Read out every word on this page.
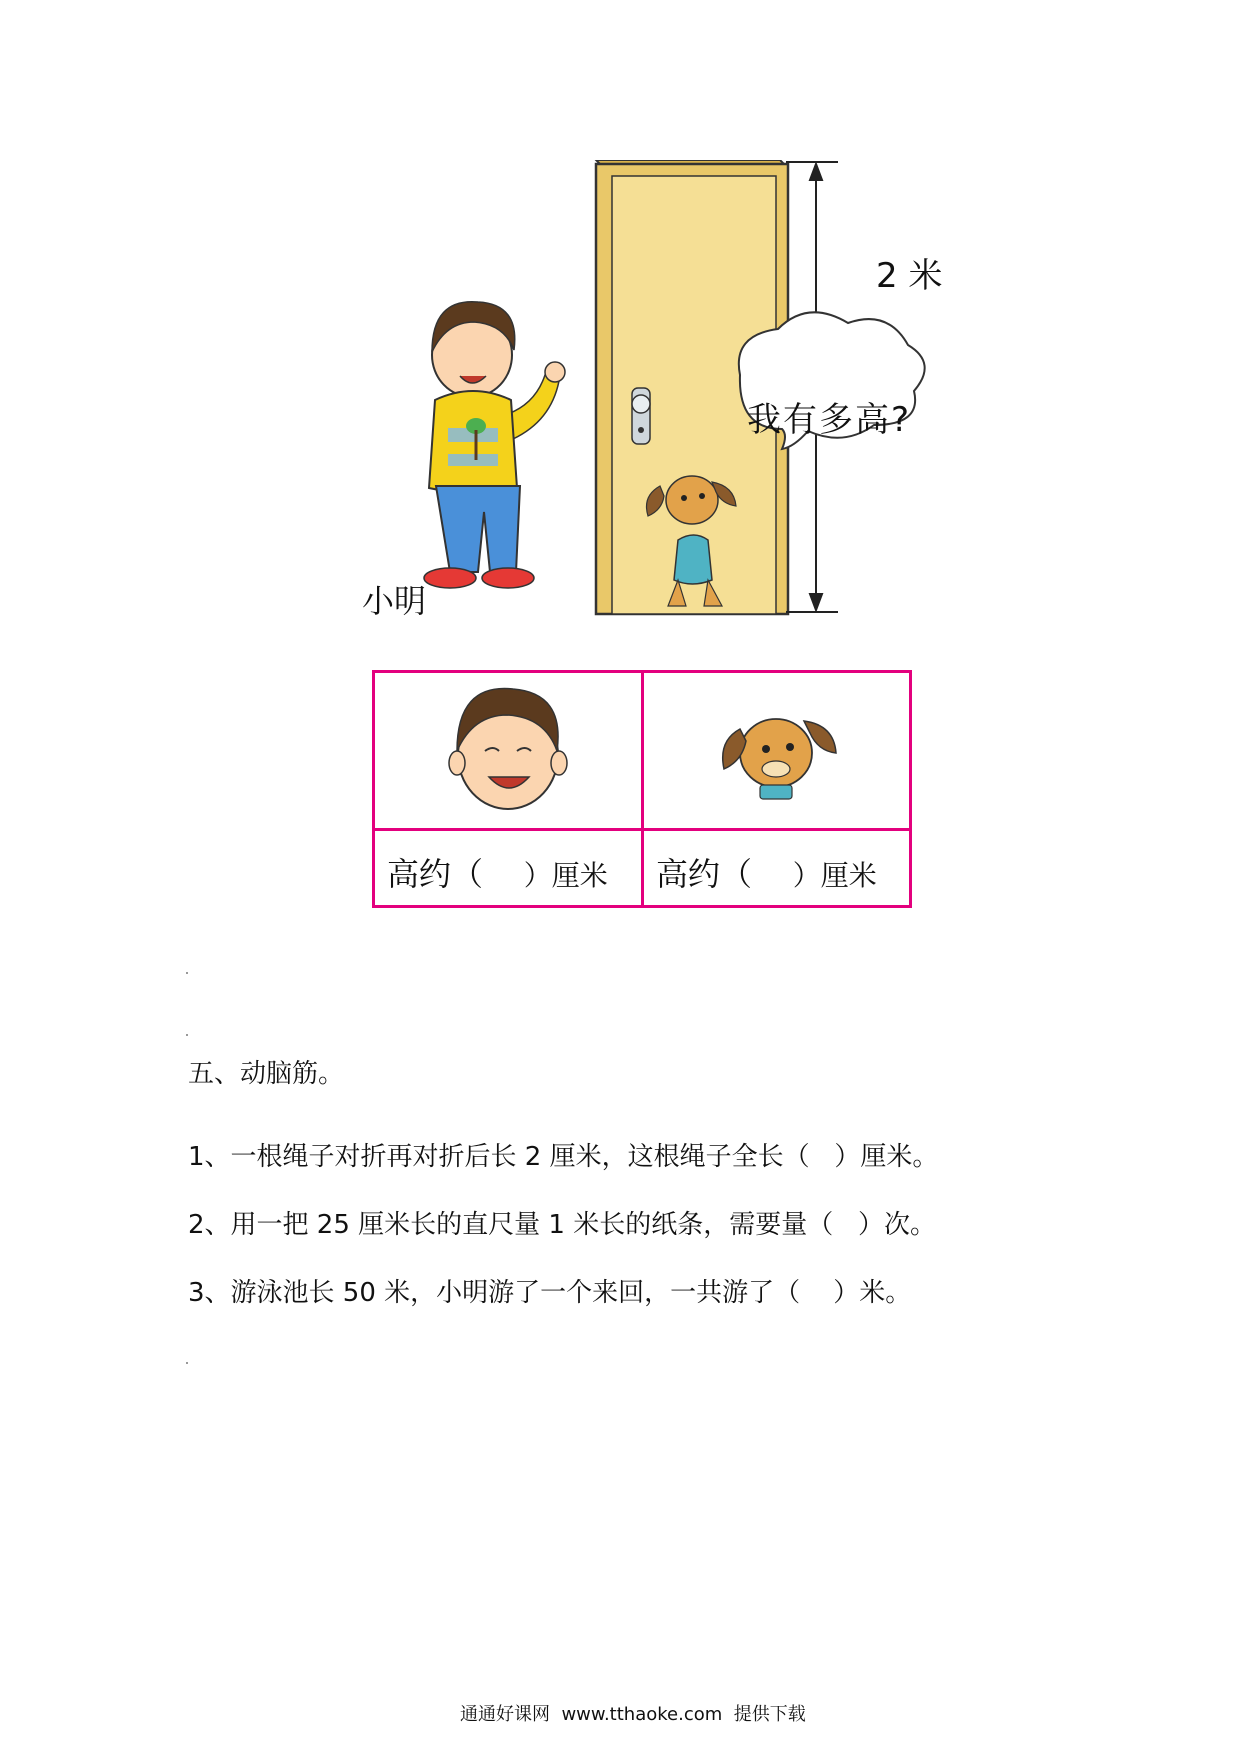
2 米
我有多高?
小明
高约（ ）厘米 高约（ ）厘米
五、动脑筋。
1、一根绳子对折再对折后长 2 厘米，这根绳子全长（   ）厘米。
2、用一把 25 厘米长的直尺量 1 米长的纸条，需要量（   ）次。
3、游泳池长 50 米，小明游了一个来回，一共游了（    ）米。
通通好课网  www.tthaoke.com  提供下载
